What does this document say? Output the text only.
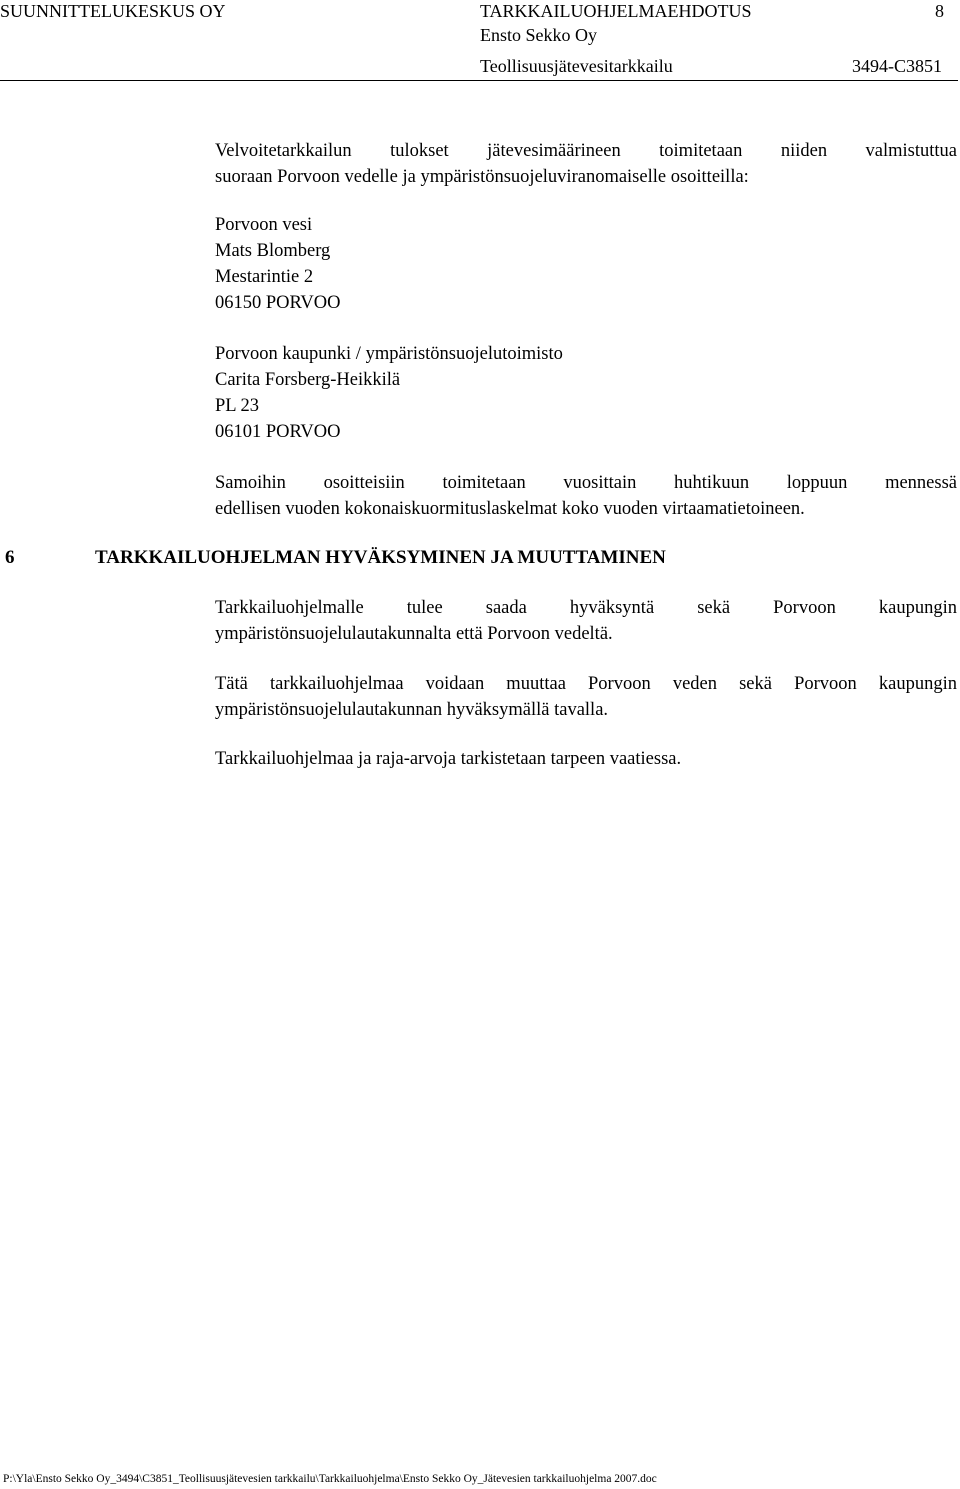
SUUNNITTELUKESKUS OY	TARKKAILUOHJELMAEHDOTUS	8
Ensto Sekko Oy
Teollisuusjätevesitarkkailu	3494-C3851
Velvoitetarkkailun tulokset jätevesimäärineen toimitetaan niiden valmistuttua
suoraan Porvoon vedelle ja ympäristönsuojeluviranomaiselle osoitteilla:
Porvoon vesi
Mats Blomberg
Mestarintie 2
06150 PORVOO
Porvoon kaupunki / ympäristönsuojelutoimisto
Carita Forsberg-Heikkilä
PL 23
06101 PORVOO
Samoihin osoitteisiin toimitetaan vuosittain huhtikuun loppuun mennessä
edellisen vuoden kokonaiskuormituslaskelmat koko vuoden virtaamatietoineen.
6	TARKKAILUOHJELMAN HYVÄKSYMINEN JA MUUTTAMINEN
Tarkkailuohjelmalle tulee saada hyväksyntä sekä Porvoon kaupungin
ympäristönsuojelulautakunnalta että Porvoon vedeltä.
Tätä tarkkailuohjelmaa voidaan muuttaa Porvoon veden sekä Porvoon kaupungin
ympäristönsuojelulautakunnan hyväksymällä tavalla.
Tarkkailuohjelmaa ja raja-arvoja tarkistetaan tarpeen vaatiessa.
P:\Yla\Ensto Sekko Oy_3494\C3851_Teollisuusjätevesien tarkkailu\Tarkkailuohjelma\Ensto Sekko Oy_Jätevesien tarkkailuohjelma 2007.doc
